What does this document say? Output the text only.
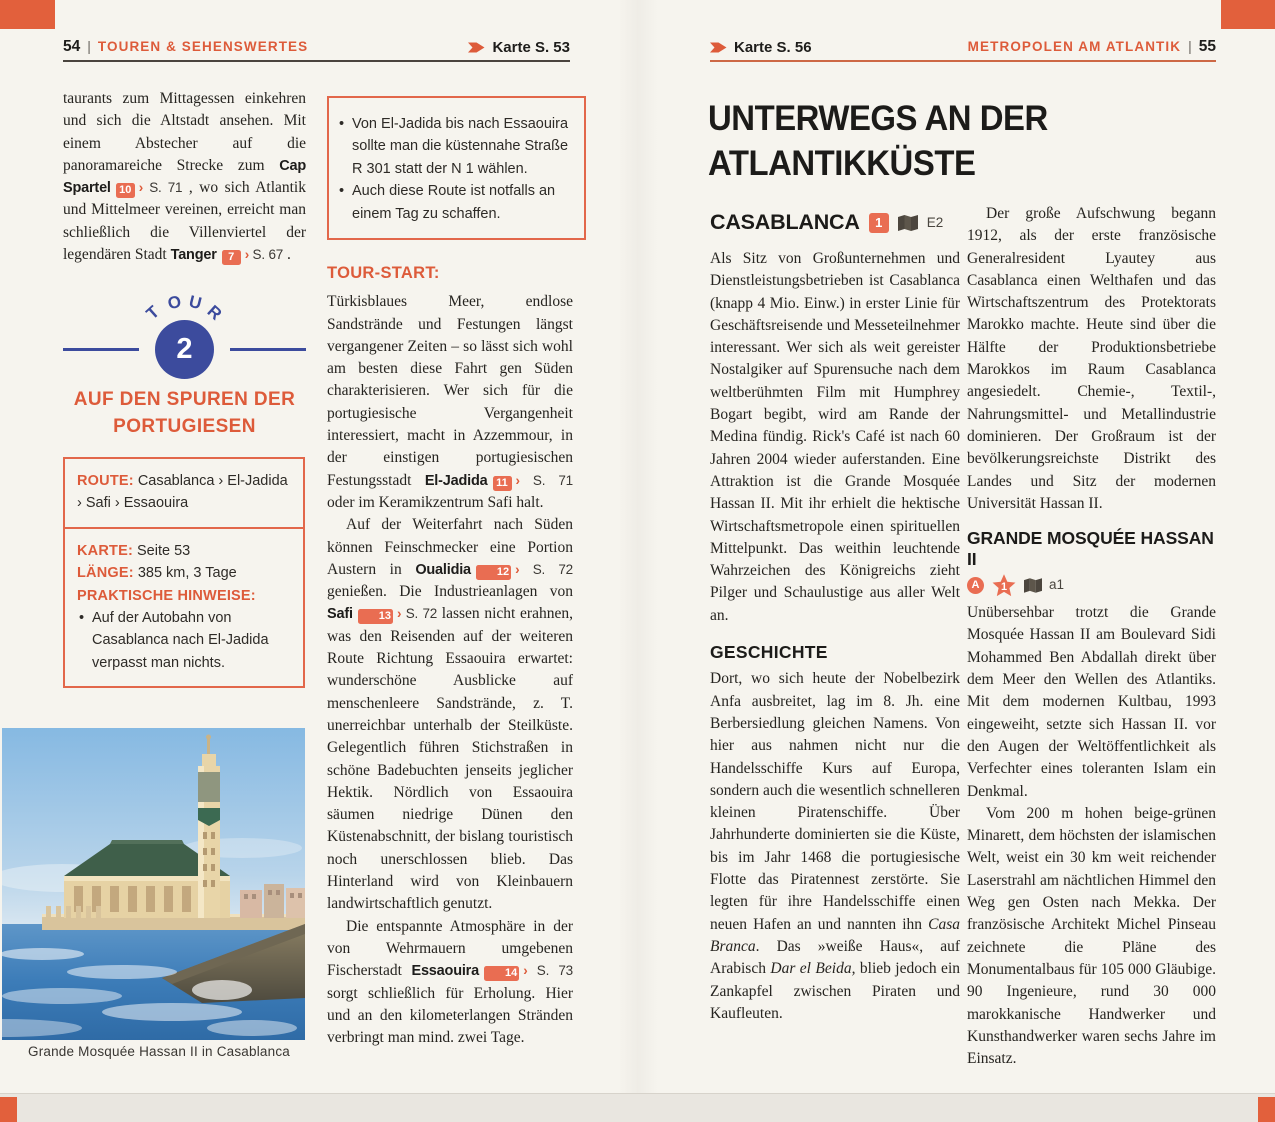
54 | TOUREN & SEHENSWERTES	Karte S. 53	Karte S. 56	METROPOLEN AM ATLANTIK | 55

taurants zum Mittagessen einkehren und sich die Altstadt ansehen. Mit einem Abstecher auf die panoramareiche Strecke zum Cap Spartel 10 › S. 71 , wo sich Atlantik und Mittelmeer vereinen, erreicht man schließlich die Villenviertel der legendären Stadt Tanger 7 › S. 67 .

T O U R
2
AUF DEN SPUREN DER PORTUGIESEN
ROUTE: Casablanca › El-Jadida › Safi › Essaouira
KARTE: Seite 53
LÄNGE: 385 km, 3 Tage
PRAKTISCHE HINWEISE:
• Auf der Autobahn von Casablanca nach El-Jadida verpasst man nichts.
Grande Mosquée Hassan II in Casablanca
• Von El-Jadida bis nach Essaouira sollte man die küstennahe Straße R 301 statt der N 1 wählen.
• Auch diese Route ist notfalls an einem Tag zu schaffen.
TOUR-START:

Türkisblaues Meer, endlose Sandstrände und Festungen längst vergangener Zeiten – so lässt sich wohl am besten diese Fahrt gen Süden charakterisieren. Wer sich für die portugiesische Vergangenheit interessiert, macht in Azzemmour, in der einstigen portugiesischen Festungsstadt El-Jadida 11 › S. 71 oder im Keramikzentrum Safi halt.

Auf der Weiterfahrt nach Süden können Feinschmecker eine Portion Austern in Oualidia 12 › S. 72 genießen. Die Industrieanlagen von Safi 13 › S. 72 lassen nicht erahnen, was den Reisenden auf der weiteren Route Richtung Essaouira erwartet: wunderschöne Ausblicke auf menschenleere Sandstrände, z. T. unerreichbar unterhalb der Steilküste. Gelegentlich führen Stichstraßen in schöne Badebuchten jenseits jeglicher Hektik. Nördlich von Essaouira säumen niedrige Dünen den Küstenabschnitt, der bislang touristisch noch unerschlossen blieb. Das Hinterland wird von Kleinbauern landwirtschaftlich genutzt.

Die entspannte Atmosphäre in der von Wehrmauern umgebenen Fischerstadt Essaouira 14 › S. 73 sorgt schließlich für Erholung. Hier und an den kilometerlangen Stränden verbringt man mind. zwei Tage.

UNTERWEGS AN DER
ATLANTIKKÜSTE
CASABLANCA	1	E2

Als Sitz von Großunternehmen und Dienstleistungsbetrieben ist Casablanca (knapp 4 Mio. Einw.) in erster Linie für Geschäftsreisende und Messeteilnehmer interessant. Wer sich als weit gereister Nostalgiker auf Spurensuche nach dem weltberühmten Film mit Humphrey Bogart begibt, wird am Rande der Medina fündig. Rick's Café ist nach 60 Jahren 2004 wieder auferstanden. Eine Attraktion ist die Grande Mosquée Hassan II. Mit ihr erhielt die hektische Wirtschaftsmetropole einen spirituellen Mittelpunkt. Das weithin leuchtende Wahrzeichen des Königreichs zieht Pilger und Schaulustige aus aller Welt an.

GESCHICHTE

Dort, wo sich heute der Nobelbezirk Anfa ausbreitet, lag im 8. Jh. eine Berbersiedlung gleichen Namens. Von hier aus nahmen nicht nur die Handelsschiffe Kurs auf Europa, sondern auch die wesentlich schnelleren kleinen Piratenschiffe. Über Jahrhunderte dominierten sie die Küste, bis im Jahr 1468 die portugiesische Flotte das Piratennest zerstörte. Sie legten für ihre Handelsschiffe einen neuen Hafen an und nannten ihn Casa Branca. Das »weiße Haus«, auf Arabisch Dar el Beida, blieb jedoch ein Zankapfel zwischen Piraten und Kaufleuten.

Der große Aufschwung begann 1912, als der erste französische Generalresident Lyautey aus Casablanca einen Welthafen und das Wirtschaftszentrum des Protektorats Marokko machte. Heute sind über die Hälfte der Produktionsbetriebe Marokkos im Raum Casablanca angesiedelt. Chemie-, Textil-, Nahrungsmittel- und Metallindustrie dominieren. Der Großraum ist der bevölkerungsreichste Distrikt des Landes und Sitz der modernen Universität Hassan II.

GRANDE MOSQUÉE HASSAN II
A	1	a1

Unübersehbar trotzt die Grande Mosquée Hassan II am Boulevard Sidi Mohammed Ben Abdallah direkt über dem Meer den Wellen des Atlantiks. Mit dem modernen Kultbau, 1993 eingeweiht, setzte sich Hassan II. vor den Augen der Weltöffentlichkeit als Verfechter eines toleranten Islam ein Denkmal.

Vom 200 m hohen beige-grünen Minarett, dem höchsten der islamischen Welt, weist ein 30 km weit reichender Laserstrahl am nächtlichen Himmel den Weg gen Osten nach Mekka. Der französische Architekt Michel Pinseau zeichnete die Pläne des Monumentalbaus für 105 000 Gläubige. 90 Ingenieure, rund 30 000 marokkanische Handwerker und Kunsthandwerker waren sechs Jahre im Einsatz.
